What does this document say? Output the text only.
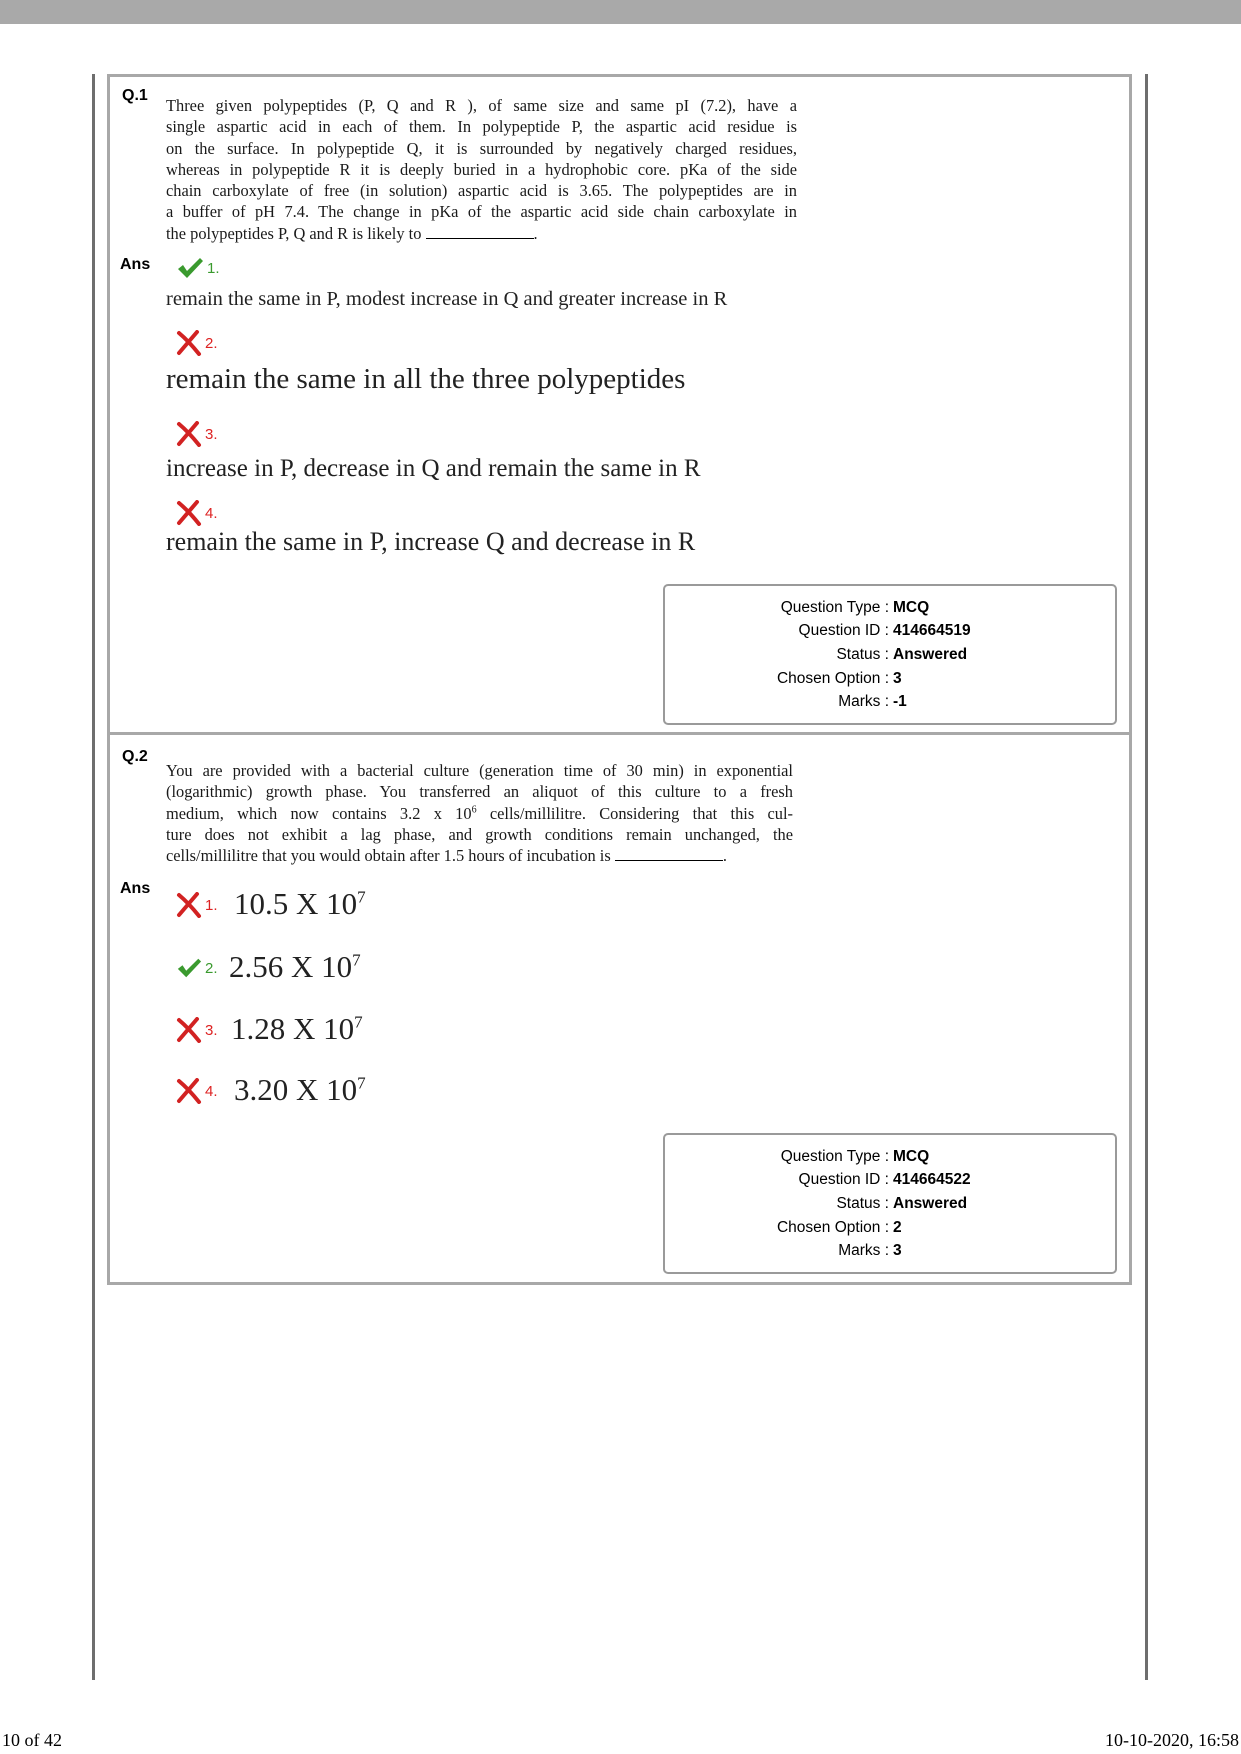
Q.1
Three given polypeptides (P, Q and R ), of same size and same pI (7.2), have a
single aspartic acid in each of them. In polypeptide P, the aspartic acid residue is
on the surface. In polypeptide Q, it is surrounded by negatively charged residues,
whereas in polypeptide R it is deeply buried in a hydrophobic core. pKa of the side
chain carboxylate of free (in solution) aspartic acid is 3.65. The polypeptides are in
a buffer of pH 7.4. The change in pKa of the aspartic acid side chain carboxylate in
the polypeptides P, Q and R is likely to	.
Ans	1.
remain the same in P, modest increase in Q and greater increase in R
2.
remain the same in all the three polypeptides
3.
increase in P, decrease in Q and remain the same in R
4.
remain the same in P, increase Q and decrease in R
Question Type :	MCQ
Question ID :	414664519
Status :	Answered
Chosen Option :	3
Marks :	-1
Q.2
You are provided with a bacterial culture (generation time of 30 min) in exponential
(logarithmic) growth phase. You transferred an aliquot of this culture to a fresh
medium, which now contains 3.2 x $10^6$ cells/millilitre. Considering that this cul-
ture does not exhibit a lag phase, and growth conditions remain unchanged, the
cells/millilitre that you would obtain after 1.5 hours of incubation is	.
Ans
1. 10.5 X $10^7$
2. 2.56 X $10^7$
3. 1.28 X $10^7$
4. 3.20 X $10^7$
Question Type :	MCQ
Question ID :	414664522
Status :	Answered
Chosen Option :	2
Marks :	3
10 of 42	10-10-2020, 16:58
